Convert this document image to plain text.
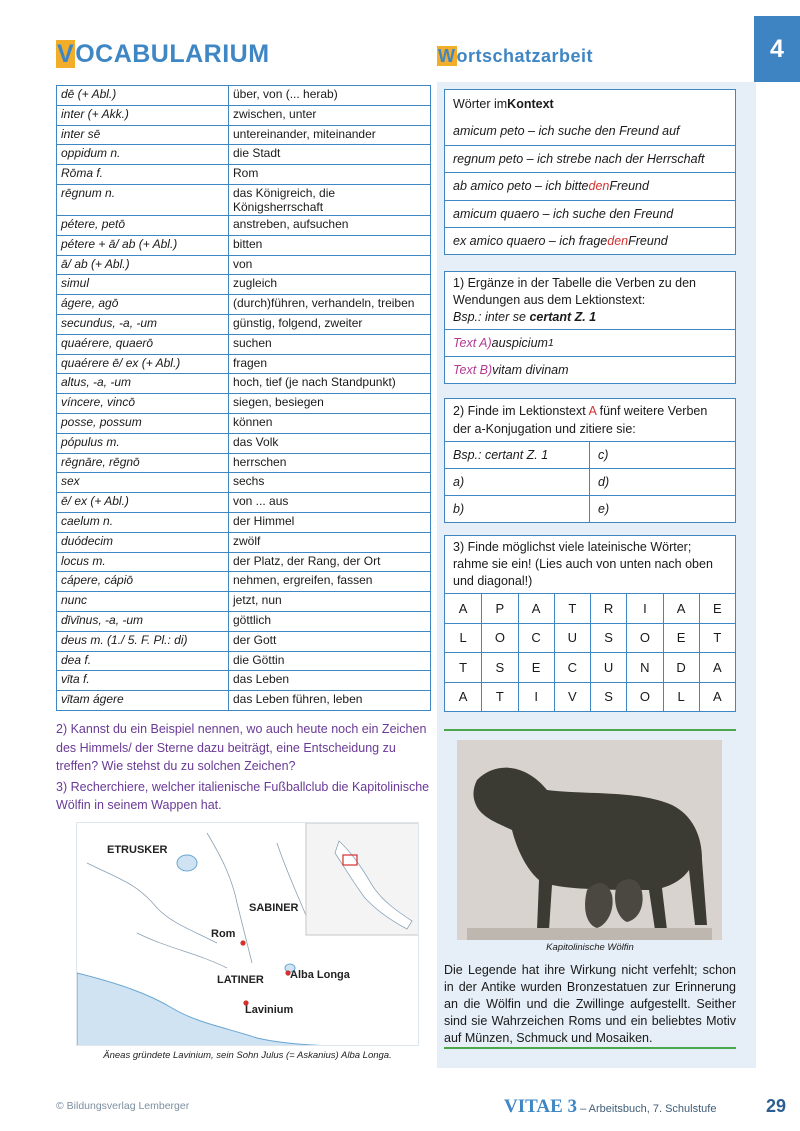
VOCABULARIUM	Wortschatzarbeit	4
dē (+ Abl.)	über, von (... herab)
inter (+ Akk.)	zwischen, unter
inter sē	untereinander, miteinander
oppidum n.	die Stadt
Rōma f.	Rom
rēgnum n.	das Königreich, die Königsherrschaft
pétere, petō	anstreben, aufsuchen
pétere + ā/ ab (+ Abl.)	bitten
ā/ ab (+ Abl.)	von
simul	zugleich
ágere, agō	(durch)führen, verhandeln, treiben
secundus, -a, -um	günstig, folgend, zweiter
quaérere, quaerō	suchen
quaérere ē/ ex (+ Abl.)	fragen
altus, -a, -um	hoch, tief (je nach Standpunkt)
víncere, vincō	siegen, besiegen
posse, possum	können
pópulus m.	das Volk
rēgnāre, rēgnō	herrschen
sex	sechs
ē/ ex (+ Abl.)	von ... aus
caelum n.	der Himmel
duódecim	zwölf
locus m.	der Platz, der Rang, der Ort
cápere, cápiō	nehmen, ergreifen, fassen
nunc	jetzt, nun
dīvīnus, -a, -um	göttlich
deus m. (1./ 5. F. Pl.: di)	der Gott
dea f.	die Göttin
vīta f.	das Leben
vītam ágere	das Leben führen, leben

2) Kannst du ein Beispiel nennen, wo auch heute noch ein Zeichen des Himmels/ der Sterne dazu beiträgt, eine Entscheidung zu treffen? Wie stehst du zu solchen Zeichen?

3) Recherchiere, welcher italienische Fußballclub die Kapitolinische Wölfin in seinem Wappen hat.

ETRUSKER
SABINER
Rom
LATINER Alba Longa
Lavinium
Äneas gründete Lavinium, sein Sohn Julus (= Askanius) Alba Longa.
Wörter im Kontext
amicum peto – ich suche den Freund auf
regnum peto – ich strebe nach der Herrschaft
ab amico peto – ich bitte den Freund
amicum quaero – ich suche den Freund
ex amico quaero – ich frage den Freund
1) Ergänze in der Tabelle die Verben zu den Wendungen aus dem Lektionstext:
Bsp.: inter se certant Z. 1
Text A) auspicium 1
Text B) vitam divinam
2) Finde im Lektionstext A fünf weitere Verben der a-Konjugation und zitiere sie:
Bsp.: certant Z. 1	c)
a)	d)
b)	e)
3) Finde möglichst viele lateinische Wörter; rahme sie ein! (Lies auch von unten nach oben und diagonal!)
A	P	A	T	R	I	A	E
L	O	C	U	S	O	E	T
T	S	E	C	U	N	D	A
A	T	I	V	S	O	L	A
Kapitolinische Wölfin
Die Legende hat ihre Wirkung nicht verfehlt; schon in der Antike wurden Bronzestatuen zur Erinnerung an die Wölfin und die Zwillinge aufgestellt. Seither sind sie Wahrzeichen Roms und ein beliebtes Motiv auf Münzen, Schmuck und Mosaiken.
© Bildungsverlag Lemberger	VITAE 3 – Arbeitsbuch, 7. Schulstufe	29
